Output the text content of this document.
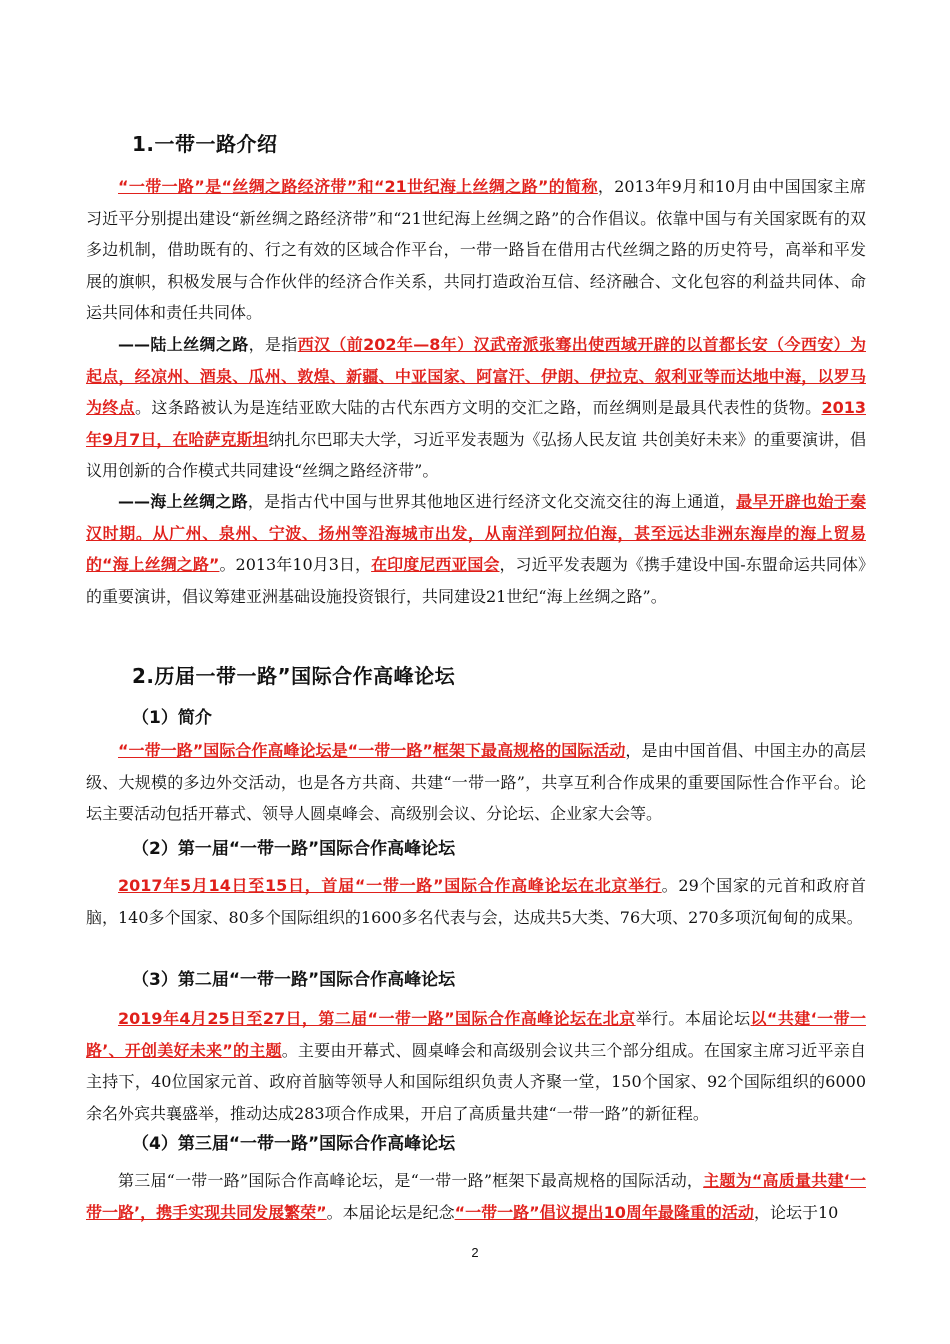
1.一带一路介绍

“一带一路”是“丝绸之路经济带”和“21世纪海上丝绸之路”的简称，2013年9月和10月由中国国家主席习近平分别提出建设“新丝绸之路经济带”和“21世纪海上丝绸之路”的合作倡议。依靠中国与有关国家既有的双多边机制，借助既有的、行之有效的区域合作平台，一带一路旨在借用古代丝绸之路的历史符号，高举和平发展的旗帜，积极发展与合作伙伴的经济合作关系，共同打造政治互信、经济融合、文化包容的利益共同体、命运共同体和责任共同体。

——陆上丝绸之路，是指西汉（前202年—8年）汉武帝派张骞出使西域开辟的以首都长安（今西安）为起点，经凉州、酒泉、瓜州、敦煌、新疆、中亚国家、阿富汗、伊朗、伊拉克、叙利亚等而达地中海，以罗马为终点。这条路被认为是连结亚欧大陆的古代东西方文明的交汇之路，而丝绸则是最具代表性的货物。2013年9月7日，在哈萨克斯坦纳扎尔巴耶夫大学，习近平发表题为《弘扬人民友谊 共创美好未来》的重要演讲，倡议用创新的合作模式共同建设“丝绸之路经济带”。

——海上丝绸之路，是指古代中国与世界其他地区进行经济文化交流交往的海上通道，最早开辟也始于秦汉时期。从广州、泉州、宁波、扬州等沿海城市出发，从南洋到阿拉伯海，甚至远达非洲东海岸的海上贸易的“海上丝绸之路”。2013年10月3日，在印度尼西亚国会，习近平发表题为《携手建设中国-东盟命运共同体》的重要演讲，倡议筹建亚洲基础设施投资银行，共同建设21世纪“海上丝绸之路”。

2.历届一带一路”国际合作高峰论坛
（1）简介

“一带一路”国际合作高峰论坛是“一带一路”框架下最高规格的国际活动，是由中国首倡、中国主办的高层级、大规模的多边外交活动，也是各方共商、共建“一带一路”，共享互利合作成果的重要国际性合作平台。论坛主要活动包括开幕式、领导人圆桌峰会、高级别会议、分论坛、企业家大会等。

（2）第一届“一带一路”国际合作高峰论坛

2017年5月14日至15日，首届“一带一路”国际合作高峰论坛在北京举行。29个国家的元首和政府首脑，140多个国家、80多个国际组织的1600多名代表与会，达成共5大类、76大项、270多项沉甸甸的成果。

（3）第二届“一带一路”国际合作高峰论坛

2019年4月25日至27日，第二届“一带一路”国际合作高峰论坛在北京举行。本届论坛以“共建‘一带一路’、开创美好未来”的主题。主要由开幕式、圆桌峰会和高级别会议共三个部分组成。在国家主席习近平亲自主持下，40位国家元首、政府首脑等领导人和国际组织负责人齐聚一堂，150个国家、92个国际组织的6000余名外宾共襄盛举，推动达成283项合作成果，开启了高质量共建“一带一路”的新征程。

（4）第三届“一带一路”国际合作高峰论坛

第三届“一带一路”国际合作高峰论坛，是“一带一路”框架下最高规格的国际活动，主题为“高质量共建‘一带一路’，携手实现共同发展繁荣”。本届论坛是纪念“一带一路”倡议提出10周年最隆重的活动，论坛于10

2
